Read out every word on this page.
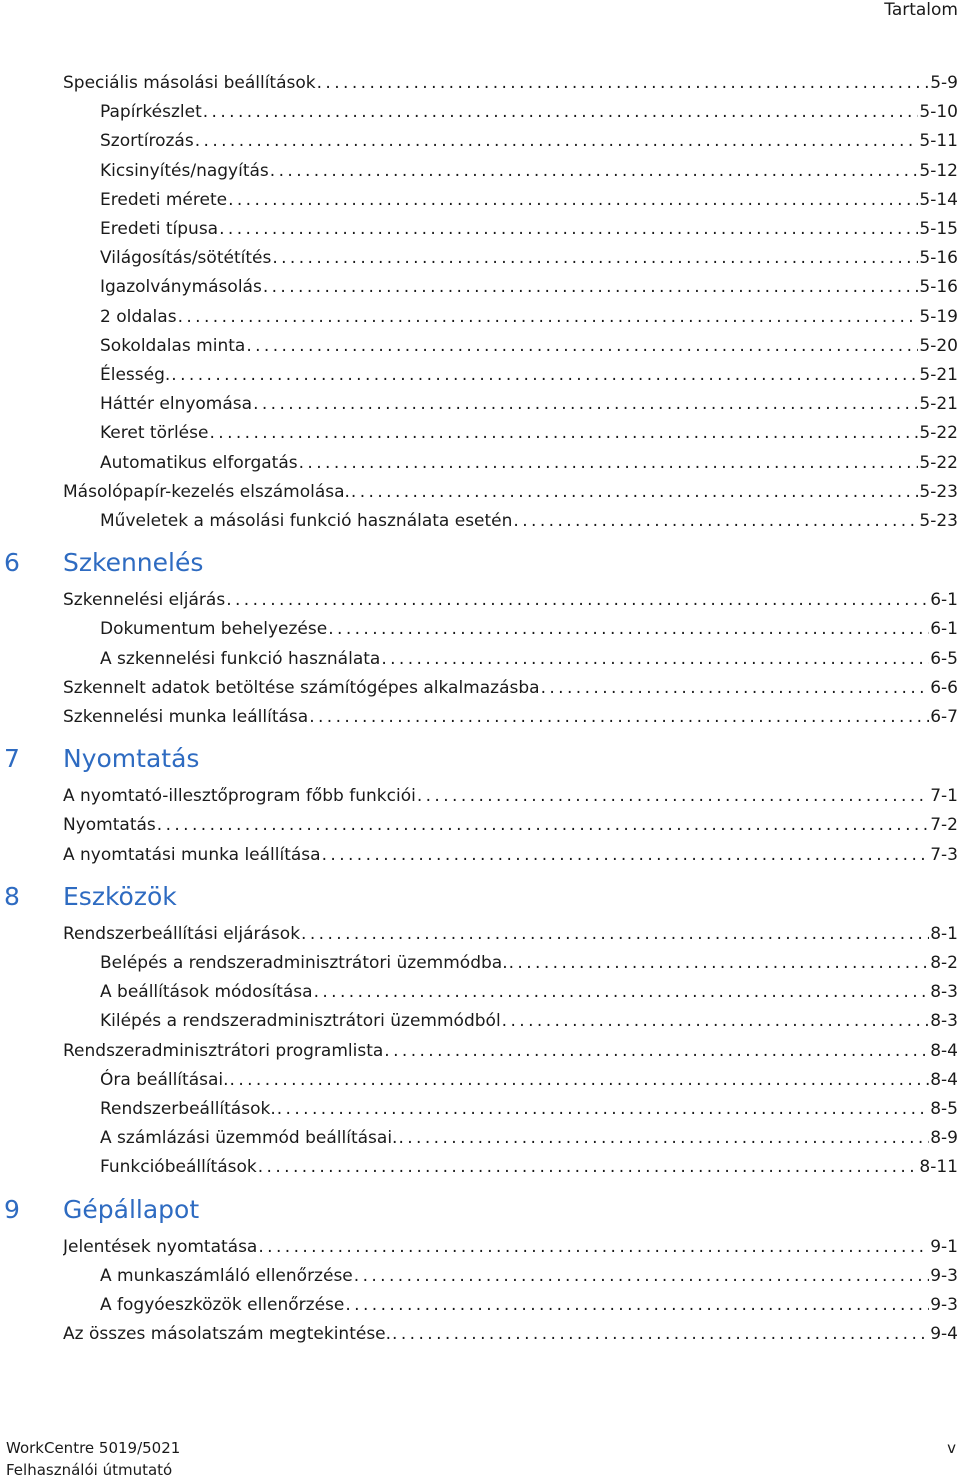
Tartalom
Speciális másolási beállítások .....	5-9
Papírkészlet .....	5-10
Szortírozás .....	5-11
Kicsinyítés/nagyítás .....	5-12
Eredeti mérete .....	5-14
Eredeti típusa .....	5-15
Világosítás/sötétítés .....	5-16
Igazolványmásolás .....	5-16
2 oldalas .....	5-19
Sokoldalas minta .....	5-20
Élesség. .....	5-21
Háttér elnyomása .....	5-21
Keret törlése .....	5-22
Automatikus elforgatás .....	5-22
Másolópapír-kezelés elszámolása. .....	5-23
Műveletek a másolási funkció használata esetén .....	5-23
6	Szkennelés
Szkennelési eljárás .....	6-1
Dokumentum behelyezése .....	6-1
A szkennelési funkció használata .....	6-5
Szkennelt adatok betöltése számítógépes alkalmazásba .....	6-6
Szkennelési munka leállítása .....	6-7
7	Nyomtatás
A nyomtató-illesztőprogram főbb funkciói .....	7-1
Nyomtatás .....	7-2
A nyomtatási munka leállítása .....	7-3
8	Eszközök
Rendszerbeállítási eljárások .....	8-1
Belépés a rendszeradminisztrátori üzemmódba. .....	8-2
A beállítások módosítása .....	8-3
Kilépés a rendszeradminisztrátori üzemmódból .....	8-3
Rendszeradminisztrátori programlista .....	8-4
Óra beállításai. .....	8-4
Rendszerbeállítások. .....	8-5
A számlázási üzemmód beállításai. .....	8-9
Funkcióbeállítások .....	8-11
9	Gépállapot
Jelentések nyomtatása .....	9-1
A munkaszámláló ellenőrzése .....	9-3
A fogyóeszközök ellenőrzése .....	9-3
Az összes másolatszám megtekintése. .....	9-4
WorkCentre 5019/5021
Felhasználói útmutató
v
